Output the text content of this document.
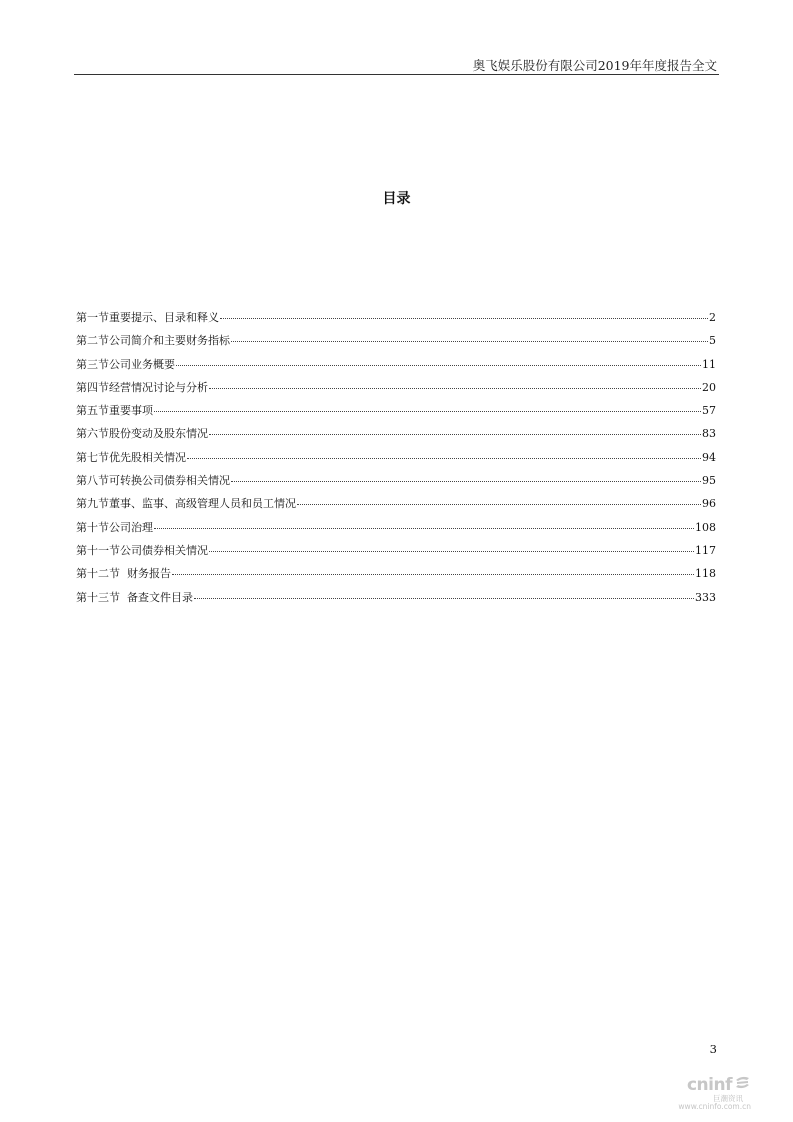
奥飞娱乐股份有限公司2019年年度报告全文
目录
第一节重要提示、目录和释义	2
第二节公司简介和主要财务指标	5
第三节公司业务概要	11
第四节经营情况讨论与分析	20
第五节重要事项	57
第六节股份变动及股东情况	83
第七节优先股相关情况	94
第八节可转换公司债券相关情况	95
第九节董事、监事、高级管理人员和员工情况	96
第十节公司治理	108
第十一节公司债券相关情况	117
第十二节  财务报告	118
第十三节  备查文件目录	333
3
cninf
巨潮资讯
www.cninfo.com.cn
